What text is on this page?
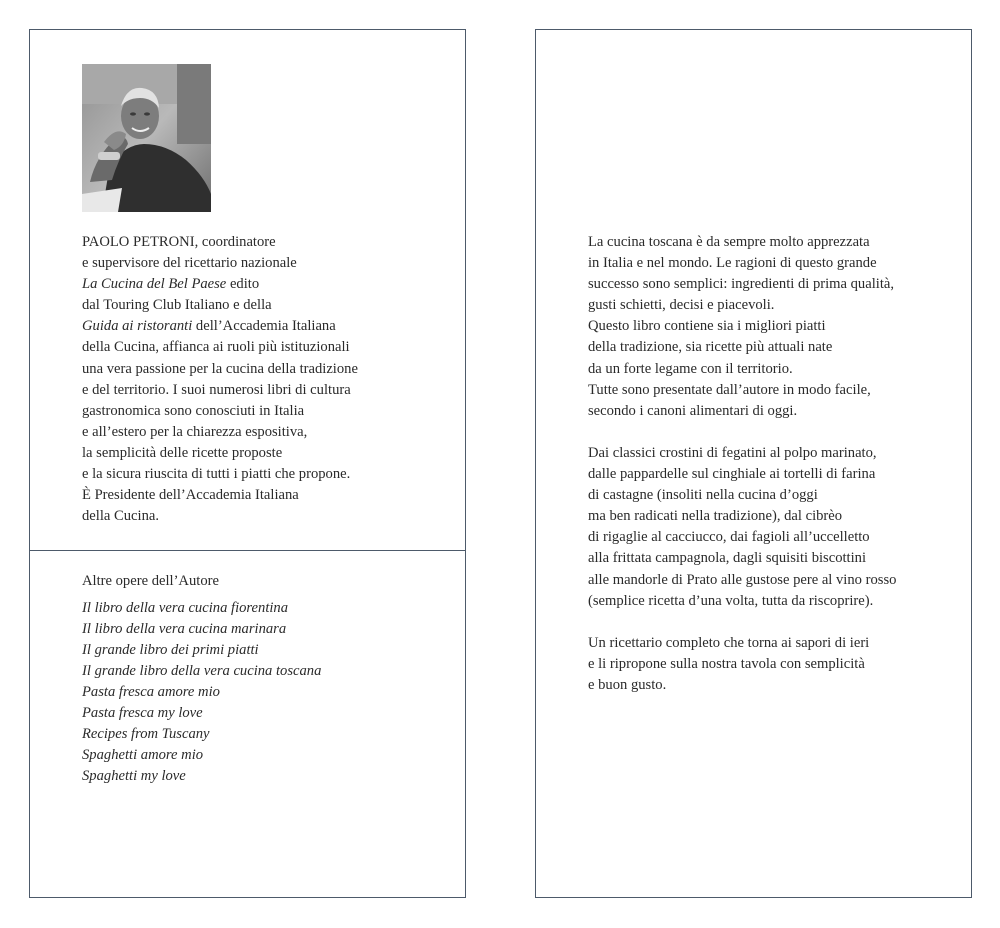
PAOLO PETRONI, coordinatore
e supervisore del ricettario nazionale
La Cucina del Bel Paese edito
dal Touring Club Italiano e della
Guida ai ristoranti dell’Accademia Italiana
della Cucina, affianca ai ruoli più istituzionali
una vera passione per la cucina della tradizione
e del territorio. I suoi numerosi libri di cultura
gastronomica sono conosciuti in Italia
e all’estero per la chiarezza espositiva,
la semplicità delle ricette proposte
e la sicura riuscita di tutti i piatti che propone.
È Presidente dell’Accademia Italiana
della Cucina.
Altre opere dell’Autore
Il libro della vera cucina fiorentina
Il libro della vera cucina marinara
Il grande libro dei primi piatti
Il grande libro della vera cucina toscana
Pasta fresca amore mio
Pasta fresca my love
Recipes from Tuscany
Spaghetti amore mio
Spaghetti my love

La cucina toscana è da sempre molto apprezzata
in Italia e nel mondo. Le ragioni di questo grande
successo sono semplici: ingredienti di prima qualità,
gusti schietti, decisi e piacevoli.
Questo libro contiene sia i migliori piatti
della tradizione, sia ricette più attuali nate
da un forte legame con il territorio.
Tutte sono presentate dall’autore in modo facile,
secondo i canoni alimentari di oggi.

Dai classici crostini di fegatini al polpo marinato,
dalle pappardelle sul cinghiale ai tortelli di farina
di castagne (insoliti nella cucina d’oggi
ma ben radicati nella tradizione), dal cibrèo
di rigaglie al cacciucco, dai fagioli all’uccelletto
alla frittata campagnola, dagli squisiti biscottini
alle mandorle di Prato alle gustose pere al vino rosso
(semplice ricetta d’una volta, tutta da riscoprire).

Un ricettario completo che torna ai sapori di ieri
e li ripropone sulla nostra tavola con semplicità
e buon gusto.
